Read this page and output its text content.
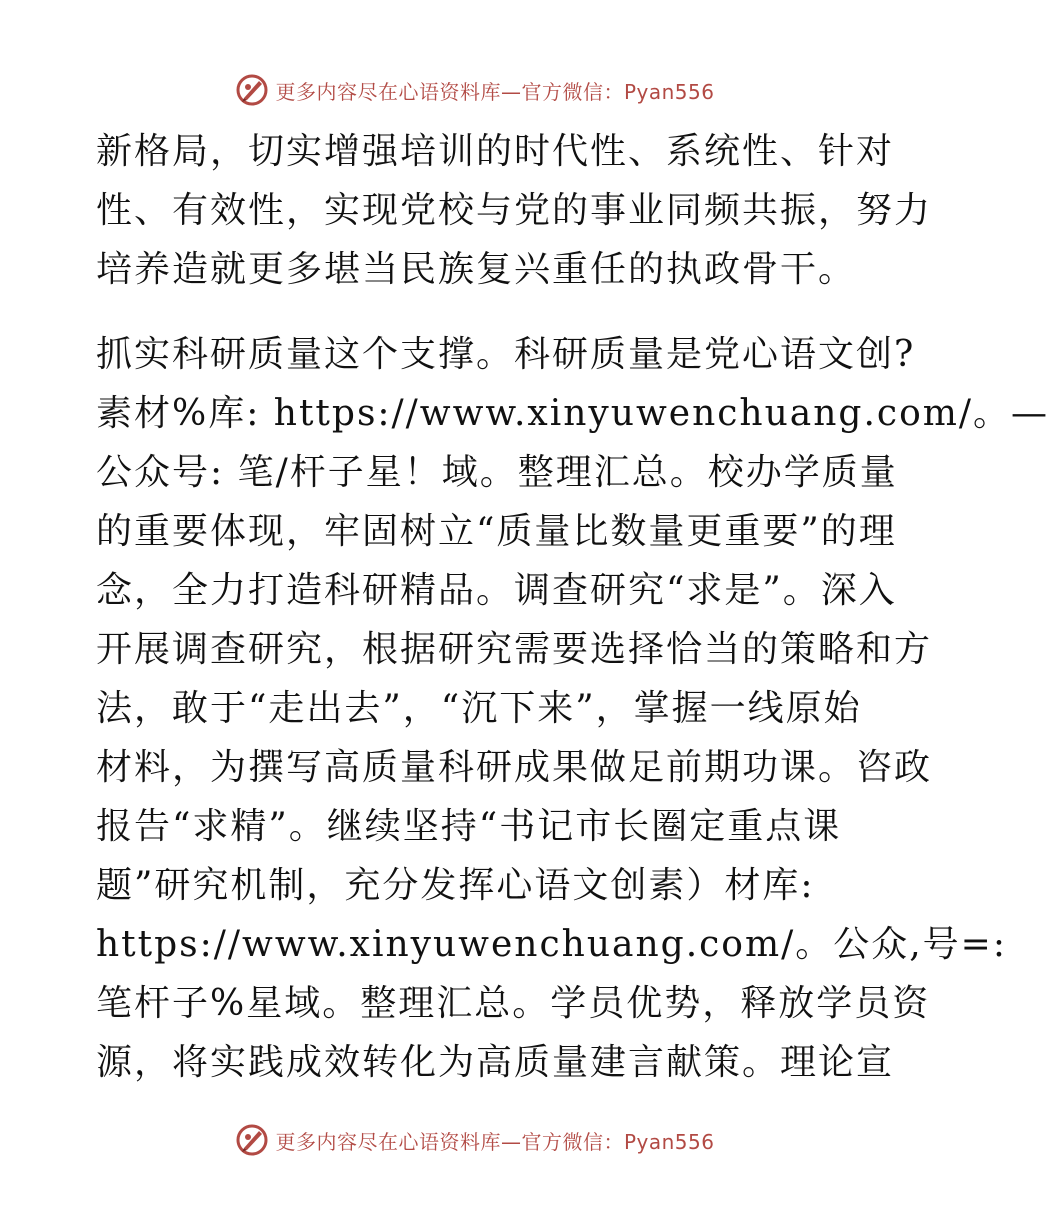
更多内容尽在心语资料库—官方微信：Pyan556
新格局，切实增强培训的时代性、系统性、针对
性、有效性，实现党校与党的事业同频共振，努力
培养造就更多堪当民族复兴重任的执政骨干。
抓实科研质量这个支撑。科研质量是党心语文创?
素材%库: https://www.xinyuwenchuang.com/。—
公众号: 笔/杆子星！域。整理汇总。校办学质量
的重要体现，牢固树立“质量比数量更重要”的理
念，全力打造科研精品。调查研究“求是”。深入
开展调查研究，根据研究需要选择恰当的策略和方
法，敢于“走出去”，“沉下来”，掌握一线原始
材料，为撰写高质量科研成果做足前期功课。咨政
报告“求精”。继续坚持“书记市长圈定重点课
题”研究机制，充分发挥心语文创素）材库:
https://www.xinyuwenchuang.com/。公众,号=:
笔杆子%星域。整理汇总。学员优势，释放学员资
源，将实践成效转化为高质量建言献策。理论宣
更多内容尽在心语资料库—官方微信：Pyan556
